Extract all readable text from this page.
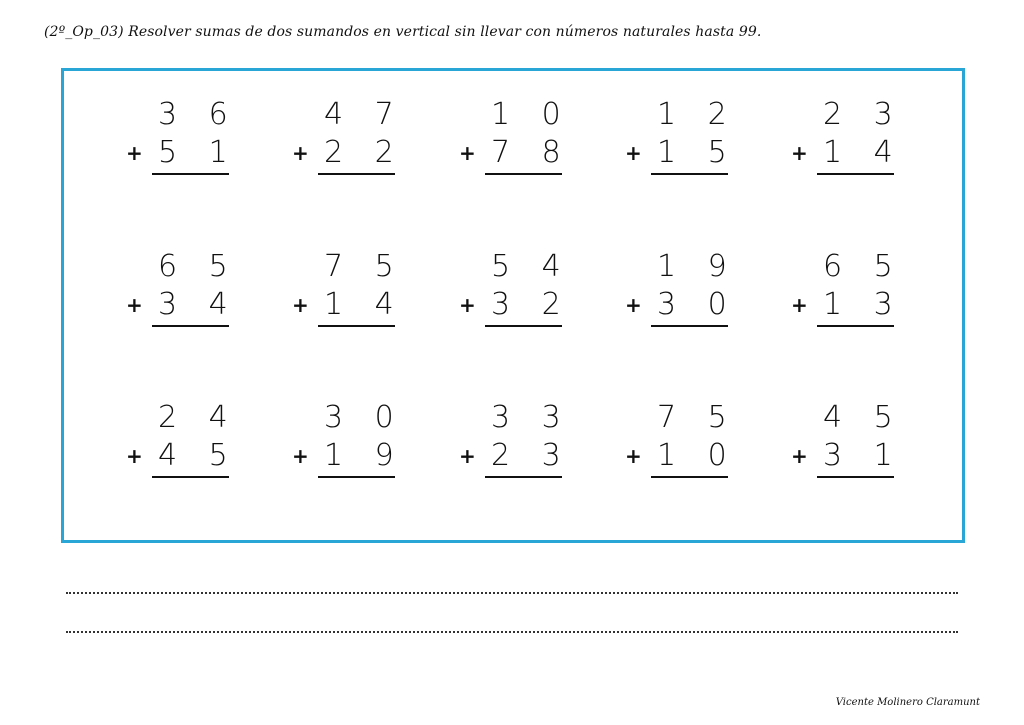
(2º_Op_03) Resolver sumas de dos sumandos en vertical sin llevar con números naturales hasta 99.
3 6
+ 5 1
4 7
+ 2 2
1 0
+ 7 8
1 2
+ 1 5
2 3
+ 1 4
6 5
+ 3 4
7 5
+ 1 4
5 4
+ 3 2
1 9
+ 3 0
6 5
+ 1 3
2 4
+ 4 5
3 0
+ 1 9
3 3
+ 2 3
7 5
+ 1 0
4 5
+ 3 1
Vicente Molinero Claramunt
